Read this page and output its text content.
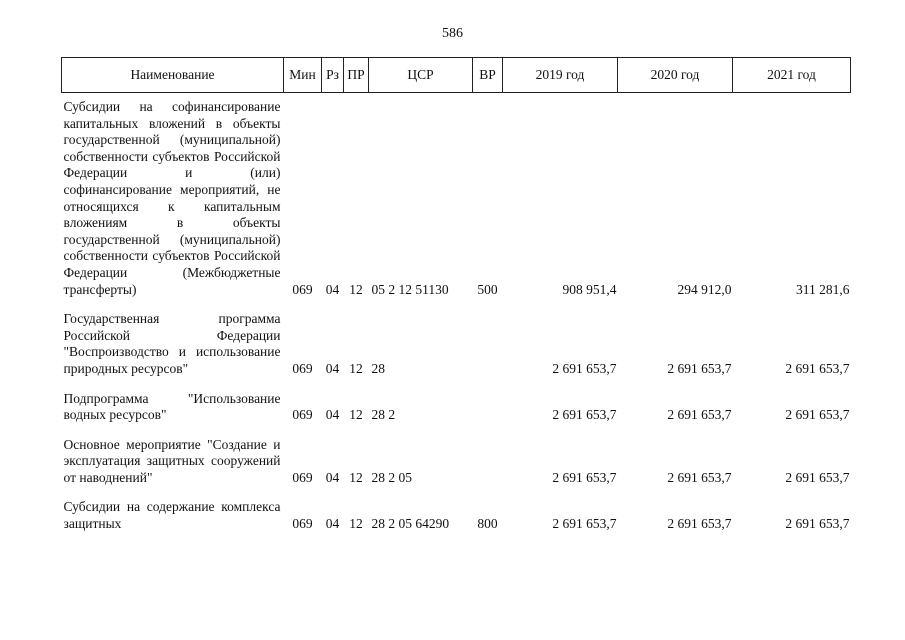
586
Наименование	Мин	Рз	ПР	ЦСР	ВР	2019 год	2020 год	2021 год
Субсидии на софинансирование капитальных вложений в объекты государственной (муниципальной) собственности субъектов Российской Федерации и (или) софинансирование мероприятий, не относящихся к капитальным вложениям в объекты государственной (муниципальной) собственности субъектов Российской Федерации (Межбюджетные трансферты)	069	04	12	05 2 12 51130	500	908 951,4	294 912,0	311 281,6
Государственная программа Российской Федерации "Воспроизводство и использование природных ресурсов"	069	04	12	28		2 691 653,7	2 691 653,7	2 691 653,7
Подпрограмма "Использование водных ресурсов"	069	04	12	28 2		2 691 653,7	2 691 653,7	2 691 653,7
Основное мероприятие "Создание и эксплуатация защитных сооружений от наводнений"	069	04	12	28 2 05		2 691 653,7	2 691 653,7	2 691 653,7
Субсидии на содержание комплекса защитных	069	04	12	28 2 05 64290	800	2 691 653,7	2 691 653,7	2 691 653,7
